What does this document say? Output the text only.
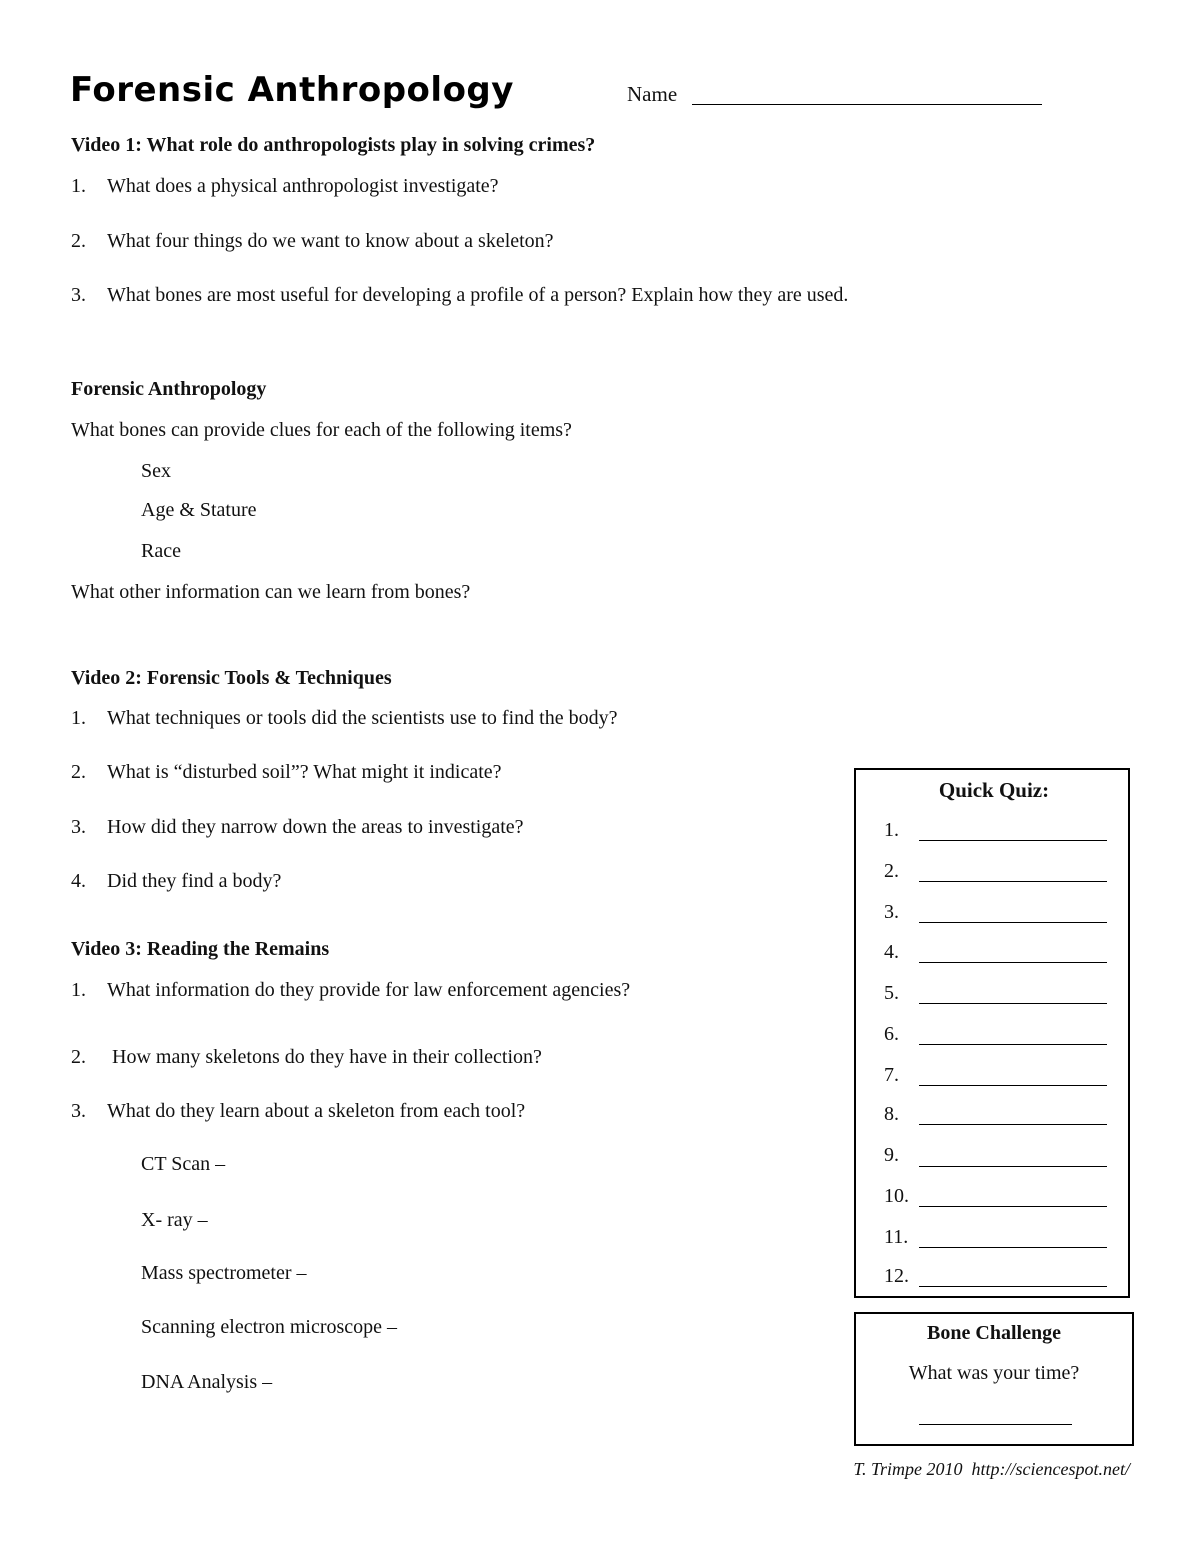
Forensic Anthropology	Name
Video 1: What role do anthropologists play in solving crimes?
1. What does a physical anthropologist investigate?
2. What four things do we want to know about a skeleton?
3. What bones are most useful for developing a profile of a person? Explain how they are used.
Forensic Anthropology
What bones can provide clues for each of the following items?
Sex
Age & Stature
Race
What other information can we learn from bones?
Video 2: Forensic Tools & Techniques
1. What techniques or tools did the scientists use to find the body?
2. What is “disturbed soil”? What might it indicate?
3. How did they narrow down the areas to investigate?
4. Did they find a body?
Video 3: Reading the Remains
1. What information do they provide for law enforcement agencies?
2. How many skeletons do they have in their collection?
3. What do they learn about a skeleton from each tool?
CT Scan –
X- ray –
Mass spectrometer –
Scanning electron microscope –
DNA Analysis –
Quick Quiz:
1.
2.
3.
4.
5.
6.
7.
8.
9.
10.
11.
12.
Bone Challenge
What was your time?
T. Trimpe 2010  http://sciencespot.net/
